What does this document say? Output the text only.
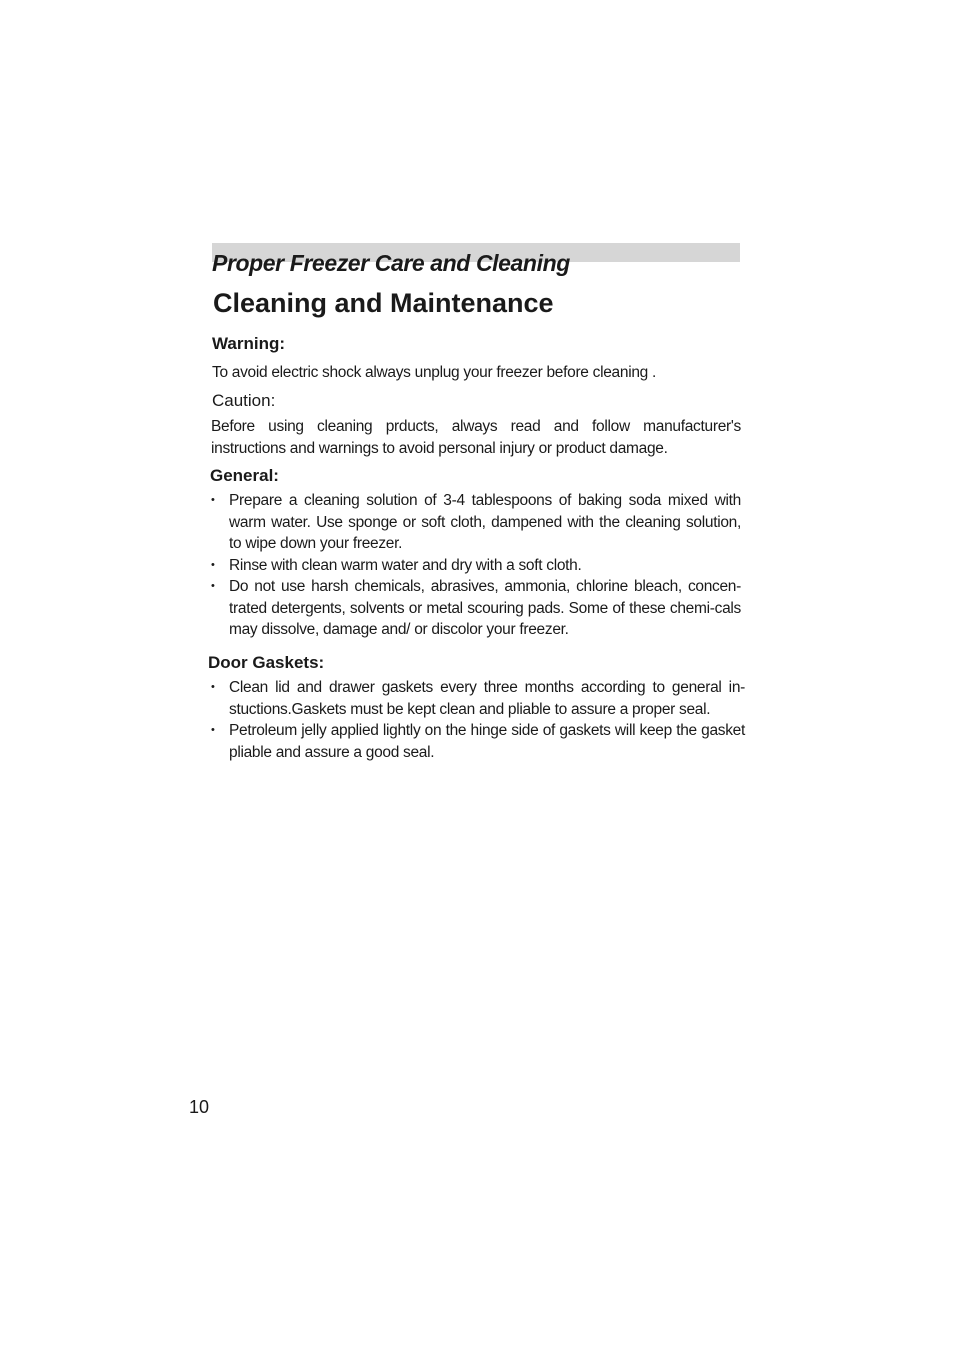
Proper Freezer Care and Cleaning
Cleaning and Maintenance
Warning:

To avoid electric shock always unplug your freezer before cleaning .

Caution:

Before using cleaning prducts, always read and follow manufacturer's instructions and warnings to avoid personal injury or product damage.

General:
• Prepare a cleaning solution of 3-4 tablespoons of baking soda mixed with warm water. Use sponge or soft cloth, dampened with the cleaning solution, to wipe down your freezer.
• Rinse with clean warm water and dry with a soft cloth.
• Do not use harsh chemicals, abrasives, ammonia, chlorine bleach, concen-trated detergents, solvents or metal scouring pads. Some of these chemi-cals may dissolve, damage and/ or discolor your freezer.
Door Gaskets:
• Clean lid and drawer gaskets every three months according to general in-stuctions.Gaskets must be kept clean and pliable to assure a proper seal.
• Petroleum jelly applied lightly on the hinge side of gaskets will keep the gasket pliable and assure a good seal.

10
